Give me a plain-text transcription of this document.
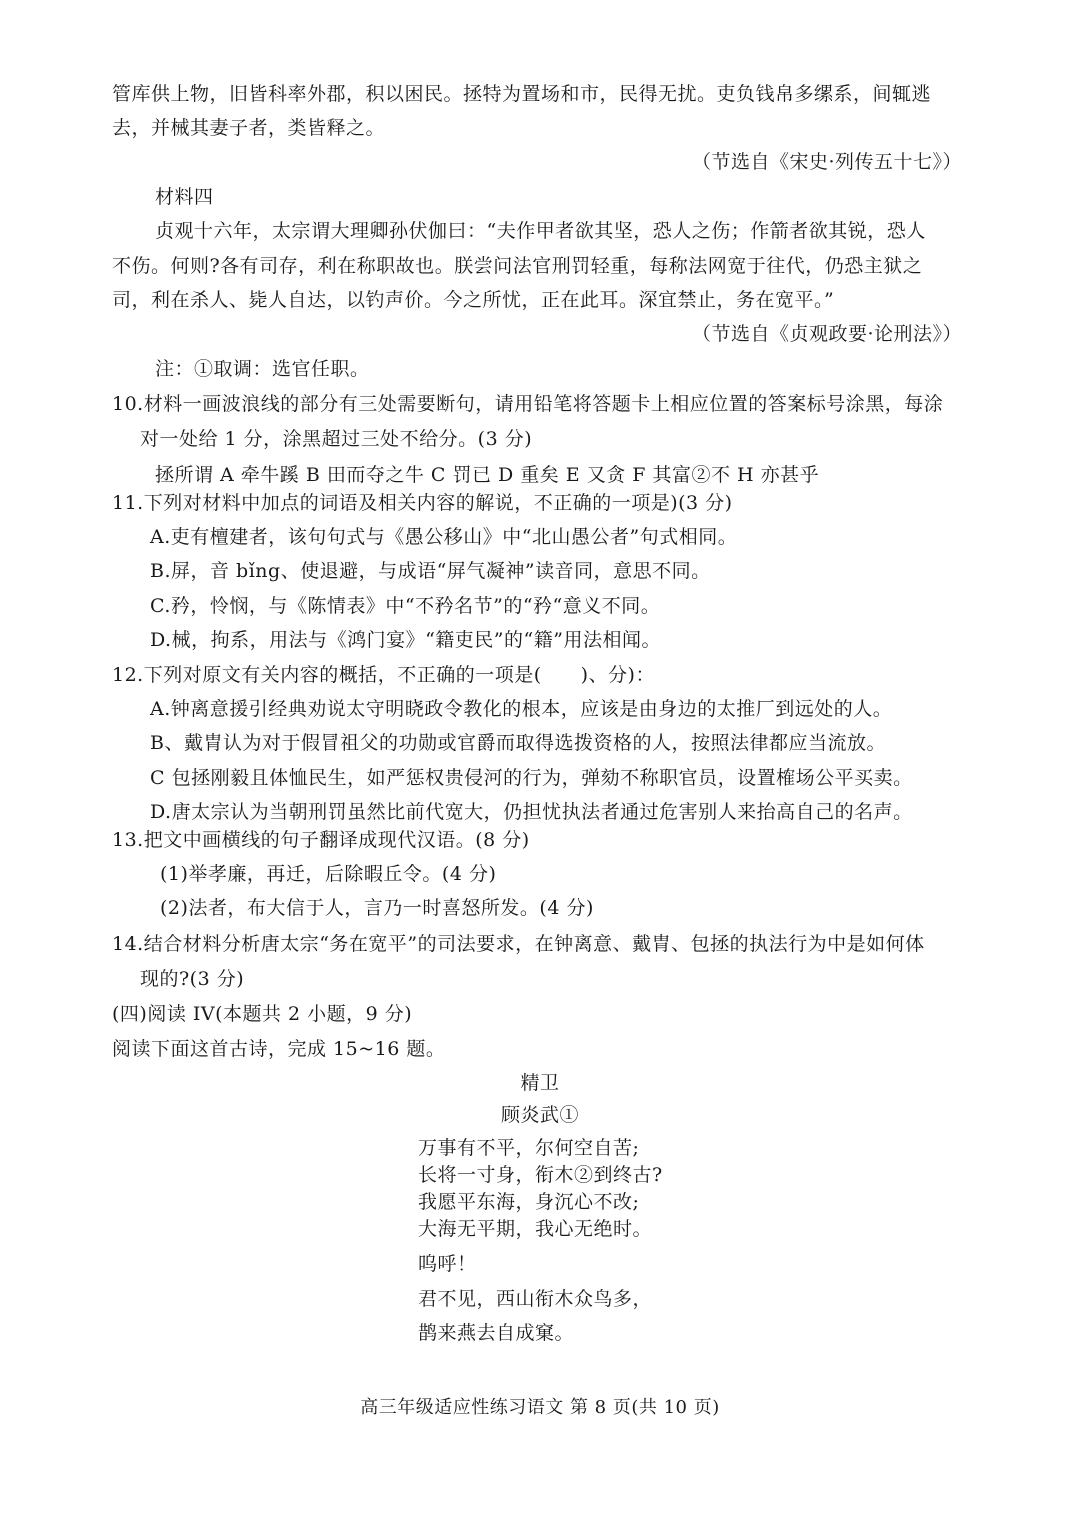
管库供上物，旧皆科率外郡，积以困民。拯特为置场和市，民得无扰。吏负钱帛多缧系，间辄逃
去，并械其妻子者，类皆释之。
（节选自《宋史·列传五十七》）
材料四
贞观十六年，太宗谓大理卿孙伏伽曰：“夫作甲者欲其坚，恐人之伤；作箭者欲其锐，恐人
不伤。何则?各有司存，利在称职故也。朕尝问法官刑罚轻重，每称法网宽于往代，仍恐主狱之
司，利在杀人、毙人自达，以钓声价。今之所忧，正在此耳。深宜禁止，务在宽平。”
（节选自《贞观政要·论刑法》）
注：①取调：选官任职。
10.材料一画波浪线的部分有三处需要断句，请用铅笔将答题卡上相应位置的答案标号涂黑，每涂
对一处给 1 分，涂黑超过三处不给分。(3 分)
拯所谓 A 牵牛蹊 B 田而夺之牛 C 罚已 D 重矣 E 又贪 F 其富②不 H 亦甚乎
11.下列对材料中加点的词语及相关内容的解说，不正确的一项是)(3 分)
A.吏有檀建者，该句句式与《愚公移山》中“北山愚公者”句式相同。
B.屏，音 bǐng、使退避，与成语“屏气凝神”读音同，意思不同。
C.矜，怜悯，与《陈情表》中“不矜名节”的“矜“意义不同。
D.械，拘系，用法与《鸿门宴》“籍吏民”的“籍”用法相闻。
12.下列对原文有关内容的概括，不正确的一项是(　　)、分)：
A.钟离意援引经典劝说太守明晓政令教化的根本，应该是由身边的太推厂到远处的人。
B、戴胄认为对于假冒祖父的功勋或官爵而取得选拨资格的人，按照法律都应当流放。
C 包拯刚毅且体恤民生，如严惩权贵侵河的行为，弹劾不称职官员，设置榷场公平买卖。
D.唐太宗认为当朝刑罚虽然比前代宽大，仍担忧执法者通过危害别人来抬高自己的名声。
13.把文中画横线的句子翻译成现代汉语。(8 分)
(1)举孝廉，再迁，后除暇丘令。(4 分)
(2)法者，布大信于人，言乃一时喜怒所发。(4 分)
14.结合材料分析唐太宗“务在宽平”的司法要求，在钟离意、戴胄、包拯的执法行为中是如何体
现的?(3 分)
(四)阅读 IV(本题共 2 小题，9 分)
阅读下面这首古诗，完成 15~16 题。
精卫
顾炎武①
万事有不平，尔何空自苦;
长将一寸身，衔木②到终古?
我愿平东海，身沉心不改;
大海无平期，我心无绝时。
呜呼！
君不见，西山衔木众鸟多，
鹊来燕去自成窠。
高三年级适应性练习语文 第 8 页(共 10 页)
